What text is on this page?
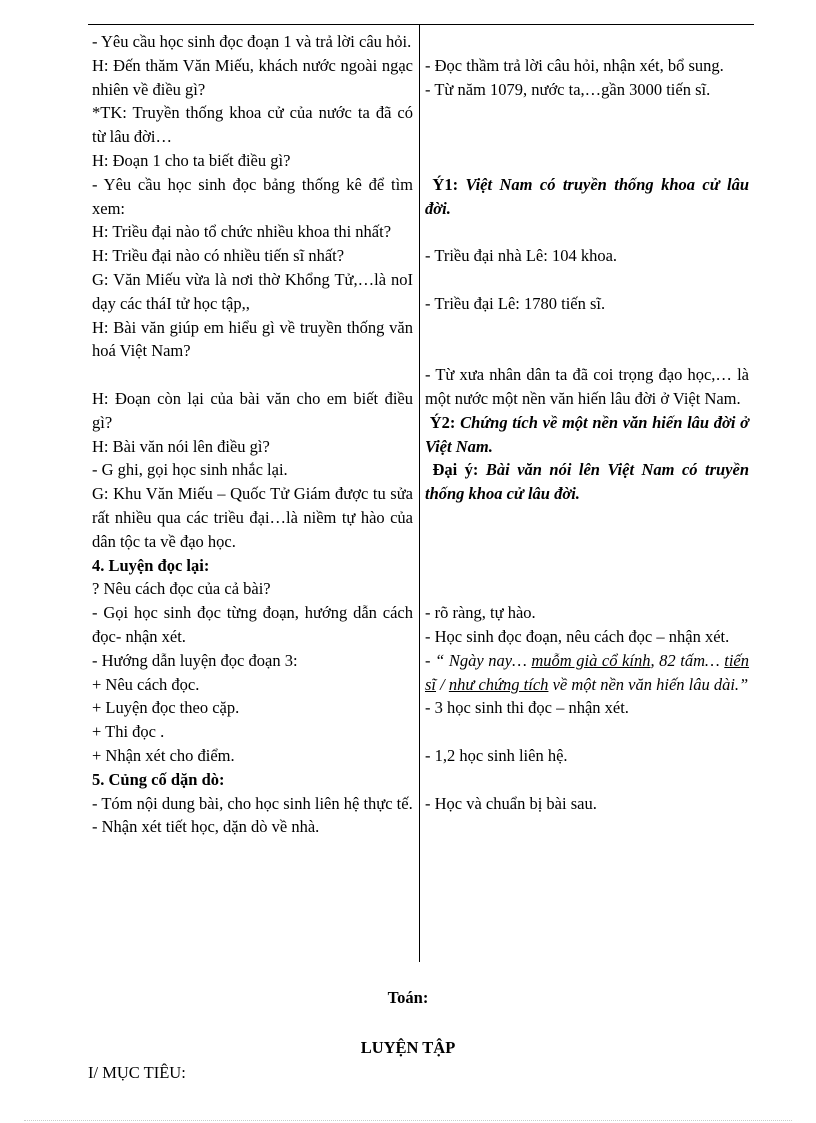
- Yêu cầu học sinh đọc đoạn 1 và trả lời câu hỏi.

H: Đến thăm Văn Miếu, khách nước ngoài ngạc nhiên về điều gì?

*TK: Truyền thống khoa cử của nước ta đã có từ lâu đời…

H: Đoạn 1 cho ta biết điều gì?

- Yêu cầu học sinh đọc bảng thống kê để tìm xem:

H: Triều đại nào tổ chức nhiều khoa thi nhất?

H: Triều đại nào có nhiều tiến sĩ nhất?

G: Văn Miếu vừa là nơi thờ Khổng Tử,…là noI dạy các tháI tử học tập,,

H: Bài văn giúp em hiểu gì về truyền thống văn hoá Việt Nam?

H: Đoạn còn lại của bài văn cho em biết điều gì?

H: Bài văn nói lên điều gì?

- G ghi, gọi học sinh nhắc lại.

G: Khu Văn Miếu – Quốc Tử Giám được tu sửa rất nhiều qua các triều đại…là niềm tự hào của dân tộc ta về đạo học.

4. Luyện đọc lại:

? Nêu cách đọc của cả bài?

- Gọi học sinh đọc từng đoạn, hướng dẫn cách đọc- nhận xét.

- Hướng dẫn luyện đọc đoạn 3:

+ Nêu cách đọc.

+ Luyện đọc theo cặp.

+ Thi đọc .

+ Nhận xét cho điểm.

5. Củng cố dặn dò:

- Tóm nội dung bài, cho học sinh liên hệ thực tế.

- Nhận xét tiết học, dặn dò về nhà.

- Đọc thầm trả lời câu hỏi, nhận xét, bổ sung.

- Từ năm 1079, nước ta,…gần 3000 tiến sĩ.

Ý1: Việt Nam có truyền thống khoa cử lâu đời.

- Triều đại nhà Lê: 104 khoa.

- Triều đại Lê: 1780 tiến sĩ.

- Từ xưa nhân dân ta đã coi trọng đạo học,… là một nước một nền văn hiến lâu đời ở Việt Nam.

Ý2: Chứng tích về một nền văn hiến lâu đời ở Việt Nam.

Đại ý: Bài văn nói lên Việt Nam có truyền thống khoa cử lâu đời.

- rõ ràng, tự hào.

- Học sinh đọc đoạn, nêu cách đọc – nhận xét.

- “ Ngày nay… muỗm già cổ kính, 82 tấm… tiến sĩ / như chứng tích về một nền văn hiến lâu dài.”

- 3 học sinh thi đọc – nhận xét.

- 1,2 học sinh liên hệ.

- Học và chuẩn bị bài sau.

Toán:
LUYỆN TẬP
I/ MỤC TIÊU:
